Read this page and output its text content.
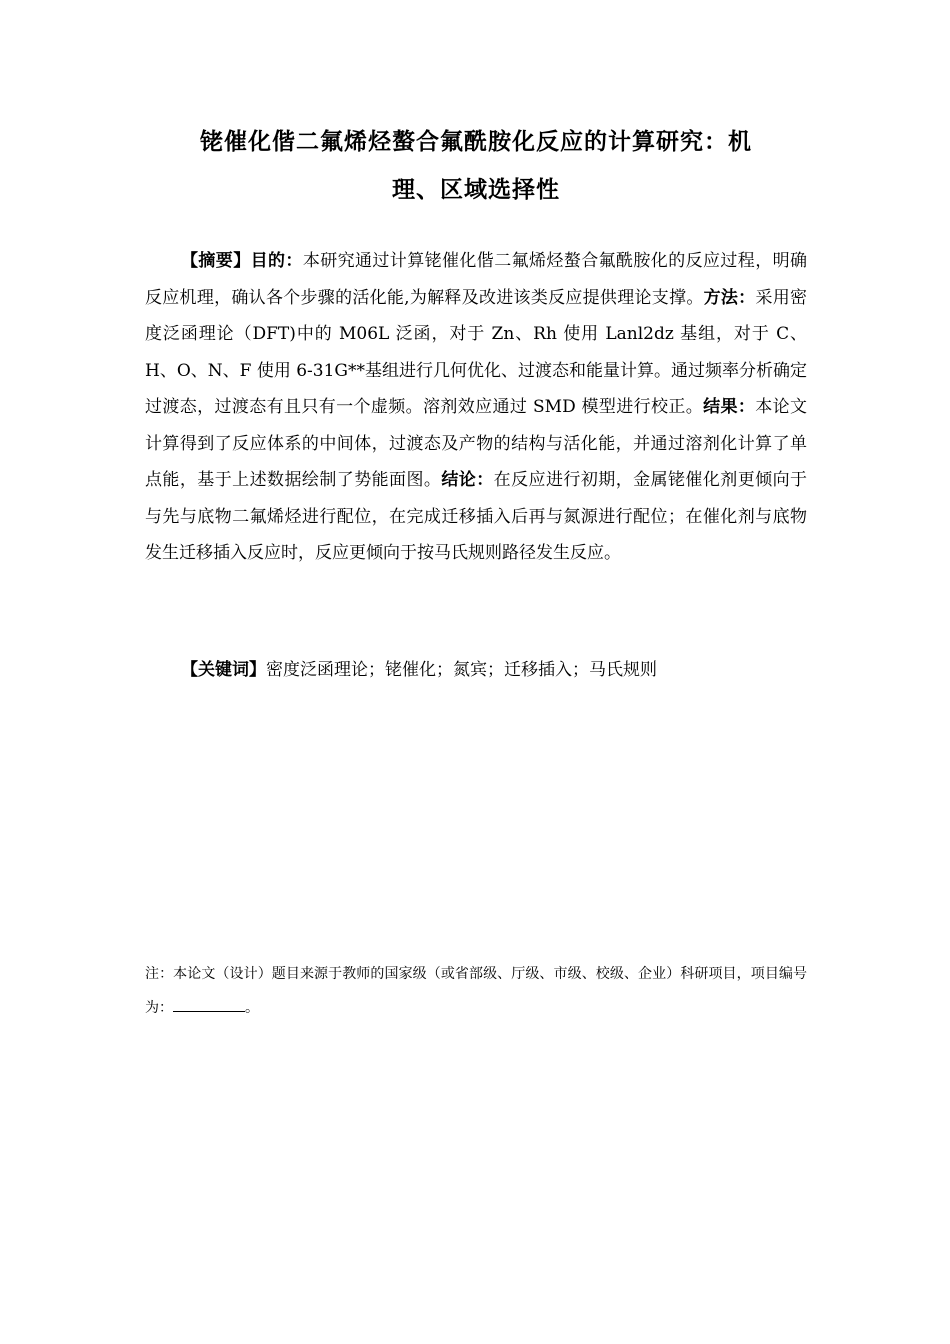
铑催化偕二氟烯烃螯合氟酰胺化反应的计算研究：机
理、区域选择性
【摘要】目的：本研究通过计算铑催化偕二氟烯烃螯合氟酰胺化的反应过程，明确反应机理，确认各个步骤的活化能,为解释及改进该类反应提供理论支撑。方法：采用密度泛函理论（DFT)中的 M06L 泛函，对于 Zn、Rh 使用 Lanl2dz 基组，对于 C、H、O、N、F 使用 6-31G**基组进行几何优化、过渡态和能量计算。通过频率分析确定过渡态，过渡态有且只有一个虚频。溶剂效应通过 SMD 模型进行校正。结果：本论文计算得到了反应体系的中间体，过渡态及产物的结构与活化能，并通过溶剂化计算了单点能，基于上述数据绘制了势能面图。结论：在反应进行初期，金属铑催化剂更倾向于与先与底物二氟烯烃进行配位，在完成迁移插入后再与氮源进行配位；在催化剂与底物发生迁移插入反应时，反应更倾向于按马氏规则路径发生反应。
【关键词】密度泛函理论；铑催化；氮宾；迁移插入；马氏规则
注：本论文（设计）题目来源于教师的国家级（或省部级、厅级、市级、校级、企业）科研项目，项目编号为：	。
